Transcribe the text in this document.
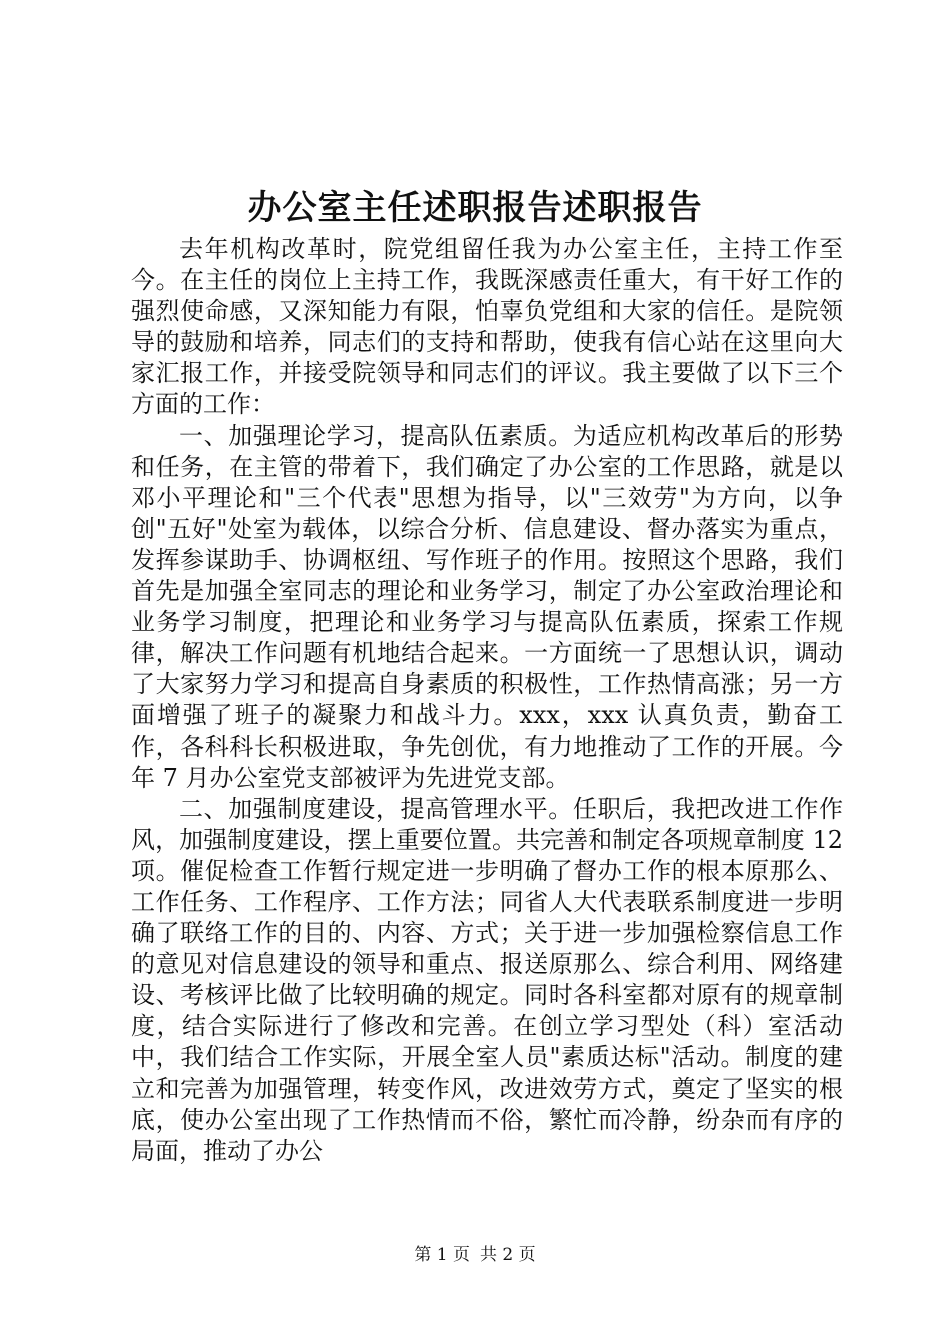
办公室主任述职报告述职报告

去年机构改革时，院党组留任我为办公室主任，主持工作至今。在主任的岗位上主持工作，我既深感责任重大，有干好工作的强烈使命感，又深知能力有限，怕辜负党组和大家的信任。是院领导的鼓励和培养，同志们的支持和帮助，使我有信心站在这里向大家汇报工作，并接受院领导和同志们的评议。我主要做了以下三个方面的工作：

一、加强理论学习，提高队伍素质。为适应机构改革后的形势和任务，在主管的带着下，我们确定了办公室的工作思路，就是以邓小平理论和"三个代表"思想为指导，以"三效劳"为方向，以争创"五好"处室为载体，以综合分析、信息建设、督办落实为重点，发挥参谋助手、协调枢纽、写作班子的作用。按照这个思路，我们首先是加强全室同志的理论和业务学习，制定了办公室政治理论和业务学习制度，把理论和业务学习与提高队伍素质，探索工作规律，解决工作问题有机地结合起来。一方面统一了思想认识，调动了大家努力学习和提高自身素质的积极性，工作热情高涨；另一方面增强了班子的凝聚力和战斗力。xxx，xxx 认真负责，勤奋工作，各科科长积极进取，争先创优，有力地推动了工作的开展。今年 7 月办公室党支部被评为先进党支部。

二、加强制度建设，提高管理水平。任职后，我把改进工作作风，加强制度建设，摆上重要位置。共完善和制定各项规章制度 12 项。催促检查工作暂行规定进一步明确了督办工作的根本原那么、工作任务、工作程序、工作方法；同省人大代表联系制度进一步明确了联络工作的目的、内容、方式；关于进一步加强检察信息工作的意见对信息建设的领导和重点、报送原那么、综合利用、网络建设、考核评比做了比较明确的规定。同时各科室都对原有的规章制度，结合实际进行了修改和完善。在创立学习型处（科）室活动中，我们结合工作实际，开展全室人员"素质达标"活动。制度的建立和完善为加强管理，转变作风，改进效劳方式，奠定了坚实的根底，使办公室出现了工作热情而不俗，繁忙而冷静，纷杂而有序的局面，推动了办公

第 1 页 共 2 页
